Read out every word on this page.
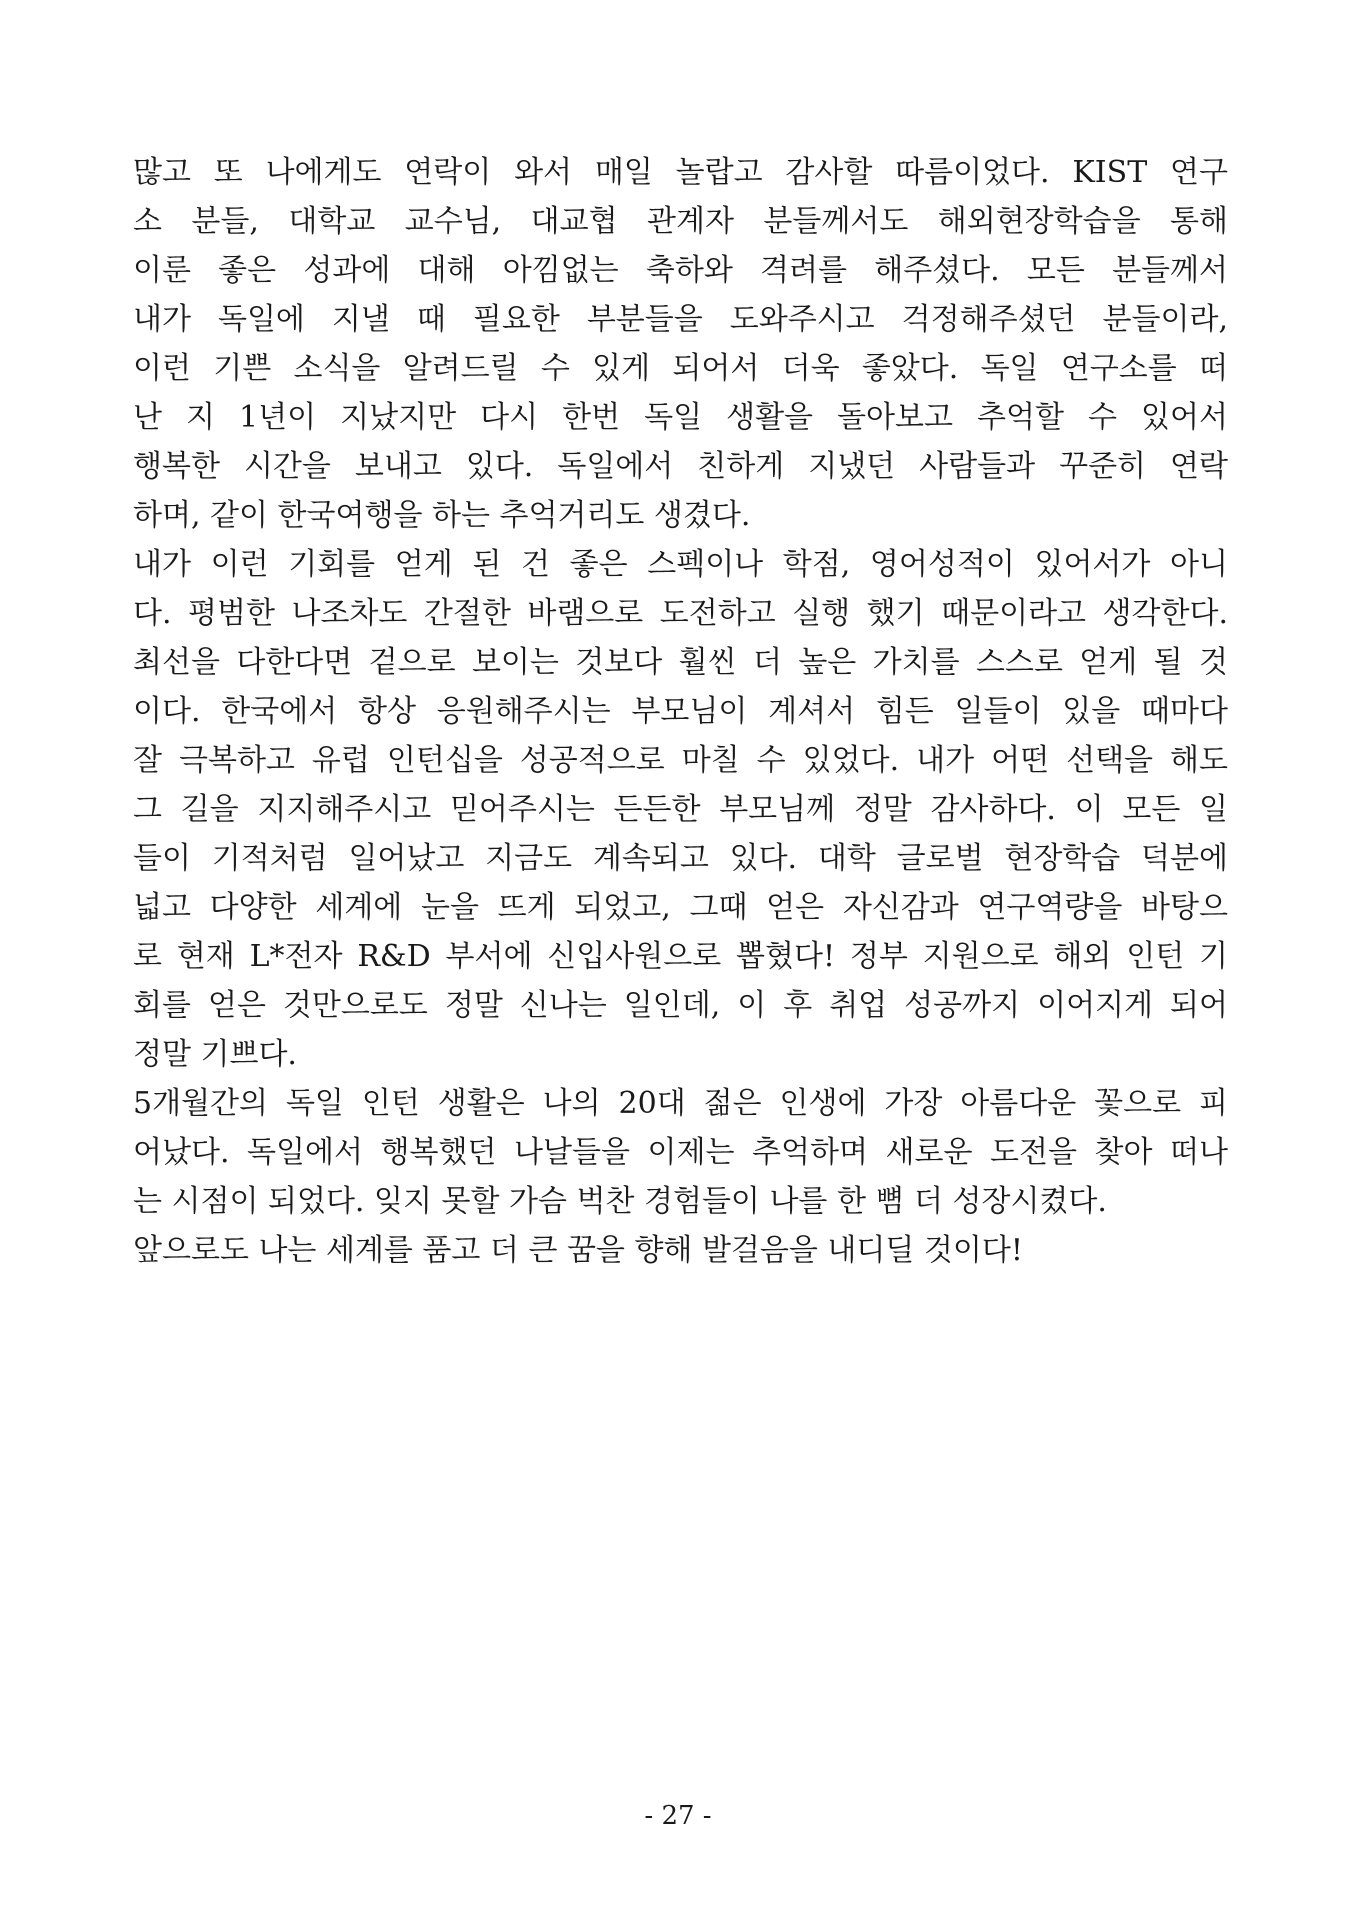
많고 또 나에게도 연락이 와서 매일 놀랍고 감사할 따름이었다. KIST 연구
소 분들, 대학교 교수님, 대교협 관계자 분들께서도 해외현장학습을 통해
이룬 좋은 성과에 대해 아낌없는 축하와 격려를 해주셨다. 모든 분들께서
내가 독일에 지낼 때 필요한 부분들을 도와주시고 걱정해주셨던 분들이라,
이런 기쁜 소식을 알려드릴 수 있게 되어서 더욱 좋았다. 독일 연구소를 떠
난 지 1년이 지났지만 다시 한번 독일 생활을 돌아보고 추억할 수 있어서
행복한 시간을 보내고 있다. 독일에서 친하게 지냈던 사람들과 꾸준히 연락
하며, 같이 한국여행을 하는 추억거리도 생겼다.
내가 이런 기회를 얻게 된 건 좋은 스펙이나 학점, 영어성적이 있어서가 아니
다. 평범한 나조차도 간절한 바램으로 도전하고 실행 했기 때문이라고 생각한다.
최선을 다한다면 겉으로 보이는 것보다 훨씬 더 높은 가치를 스스로 얻게 될 것
이다. 한국에서 항상 응원해주시는 부모님이 계셔서 힘든 일들이 있을 때마다
잘 극복하고 유럽 인턴십을 성공적으로 마칠 수 있었다. 내가 어떤 선택을 해도
그 길을 지지해주시고 믿어주시는 든든한 부모님께 정말 감사하다. 이 모든 일
들이 기적처럼 일어났고 지금도 계속되고 있다. 대학 글로벌 현장학습 덕분에
넓고 다양한 세계에 눈을 뜨게 되었고, 그때 얻은 자신감과 연구역량을 바탕으
로 현재 L*전자 R&D 부서에 신입사원으로 뽑혔다! 정부 지원으로 해외 인턴 기
회를 얻은 것만으로도 정말 신나는 일인데, 이 후 취업 성공까지 이어지게 되어
정말 기쁘다.
5개월간의 독일 인턴 생활은 나의 20대 젊은 인생에 가장 아름다운 꽃으로 피
어났다. 독일에서 행복했던 나날들을 이제는 추억하며 새로운 도전을 찾아 떠나
는 시점이 되었다. 잊지 못할 가슴 벅찬 경험들이 나를 한 뼘 더 성장시켰다.
앞으로도 나는 세계를 품고 더 큰 꿈을 향해 발걸음을 내디딜 것이다!
- 27 -
